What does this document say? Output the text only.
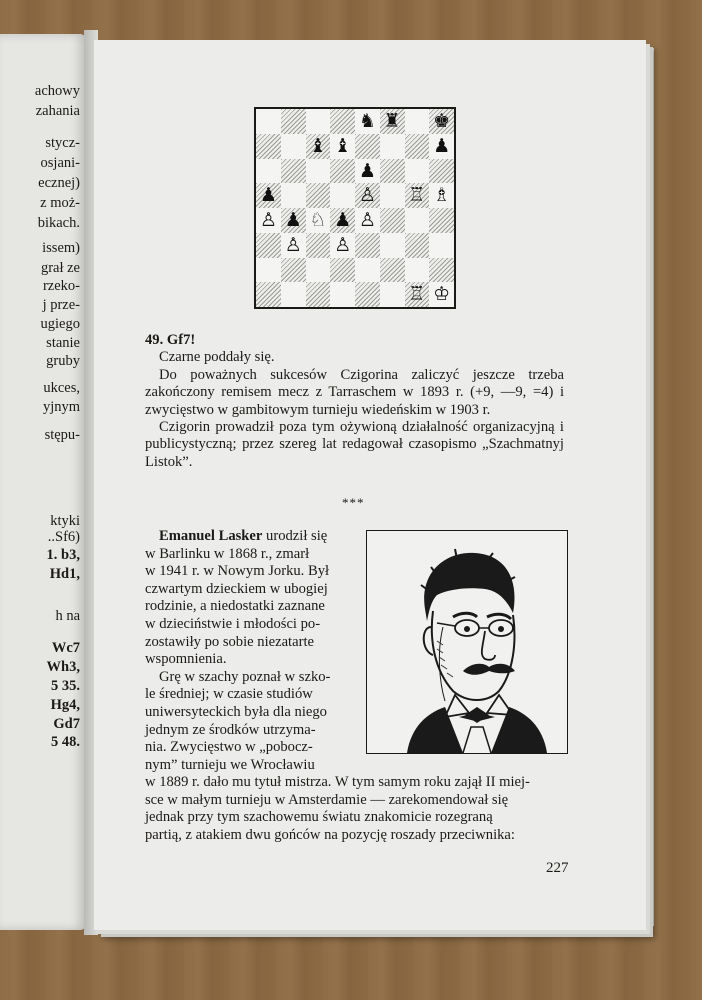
achowy
zahania
stycz-
osjani-
ecznej)
z moż-
bikach.
issem)
grał ze
rzeko-
j prze-
ugiego
stanie
grubу
ukces,
yjnym
stępu-
ktyki
..Sf6)
1. b3,
Hd1,
h na
Wc7
Wh3,
5 35.
Hg4,
Gd7
5 48.
♞ ♜ ♚
♝ ♝	♟
♟
♟	♙ ♖ ♗
♙ ♟ ♘ ♟ ♙
♙ ♙
♖ ♔

49. Gf7!

Czarne poddały się.

Do poważnych sukcesów Czigorina zaliczyć jeszcze trzeba zakończony remisem mecz z Tarraschem w 1893 r. (+9, —9, =4) i zwycięstwo w gambitowym turnieju wiedeńskim w 1903 r.

Czigorin prowadził poza tym ożywioną działalność organizacyjną i publicystyczną; przez szereg lat redagował czasopismo „Szachmatnyj Listok”.

***
Emanuel Lasker urodził się
w Barlinku w 1868 r., zmarł
w 1941 r. w Nowym Jorku. Był
czwartym dzieckiem w ubogiej
rodzinie, a niedostatki zaznane
w dzieciństwie i młodości po-
zostawiły po sobie niezatarte
wspomnienia.
Grę w szachy poznał w szko-
le średniej; w czasie studiów
uniwersyteckich była dla niego
jednym ze środków utrzyma-
nia. Zwycięstwo w „pobocz-
nym” turnieju we Wrocławiu
w 1889 r. dało mu tytuł mistrza. W tym samym roku zajął II miej-
sce w małym turnieju w Amsterdamie — zarekomendował się
jednak przy tym szachowemu światu znakomicie rozegraną
partią, z atakiem dwu gońców na pozycję roszady przeciwnika:
227
